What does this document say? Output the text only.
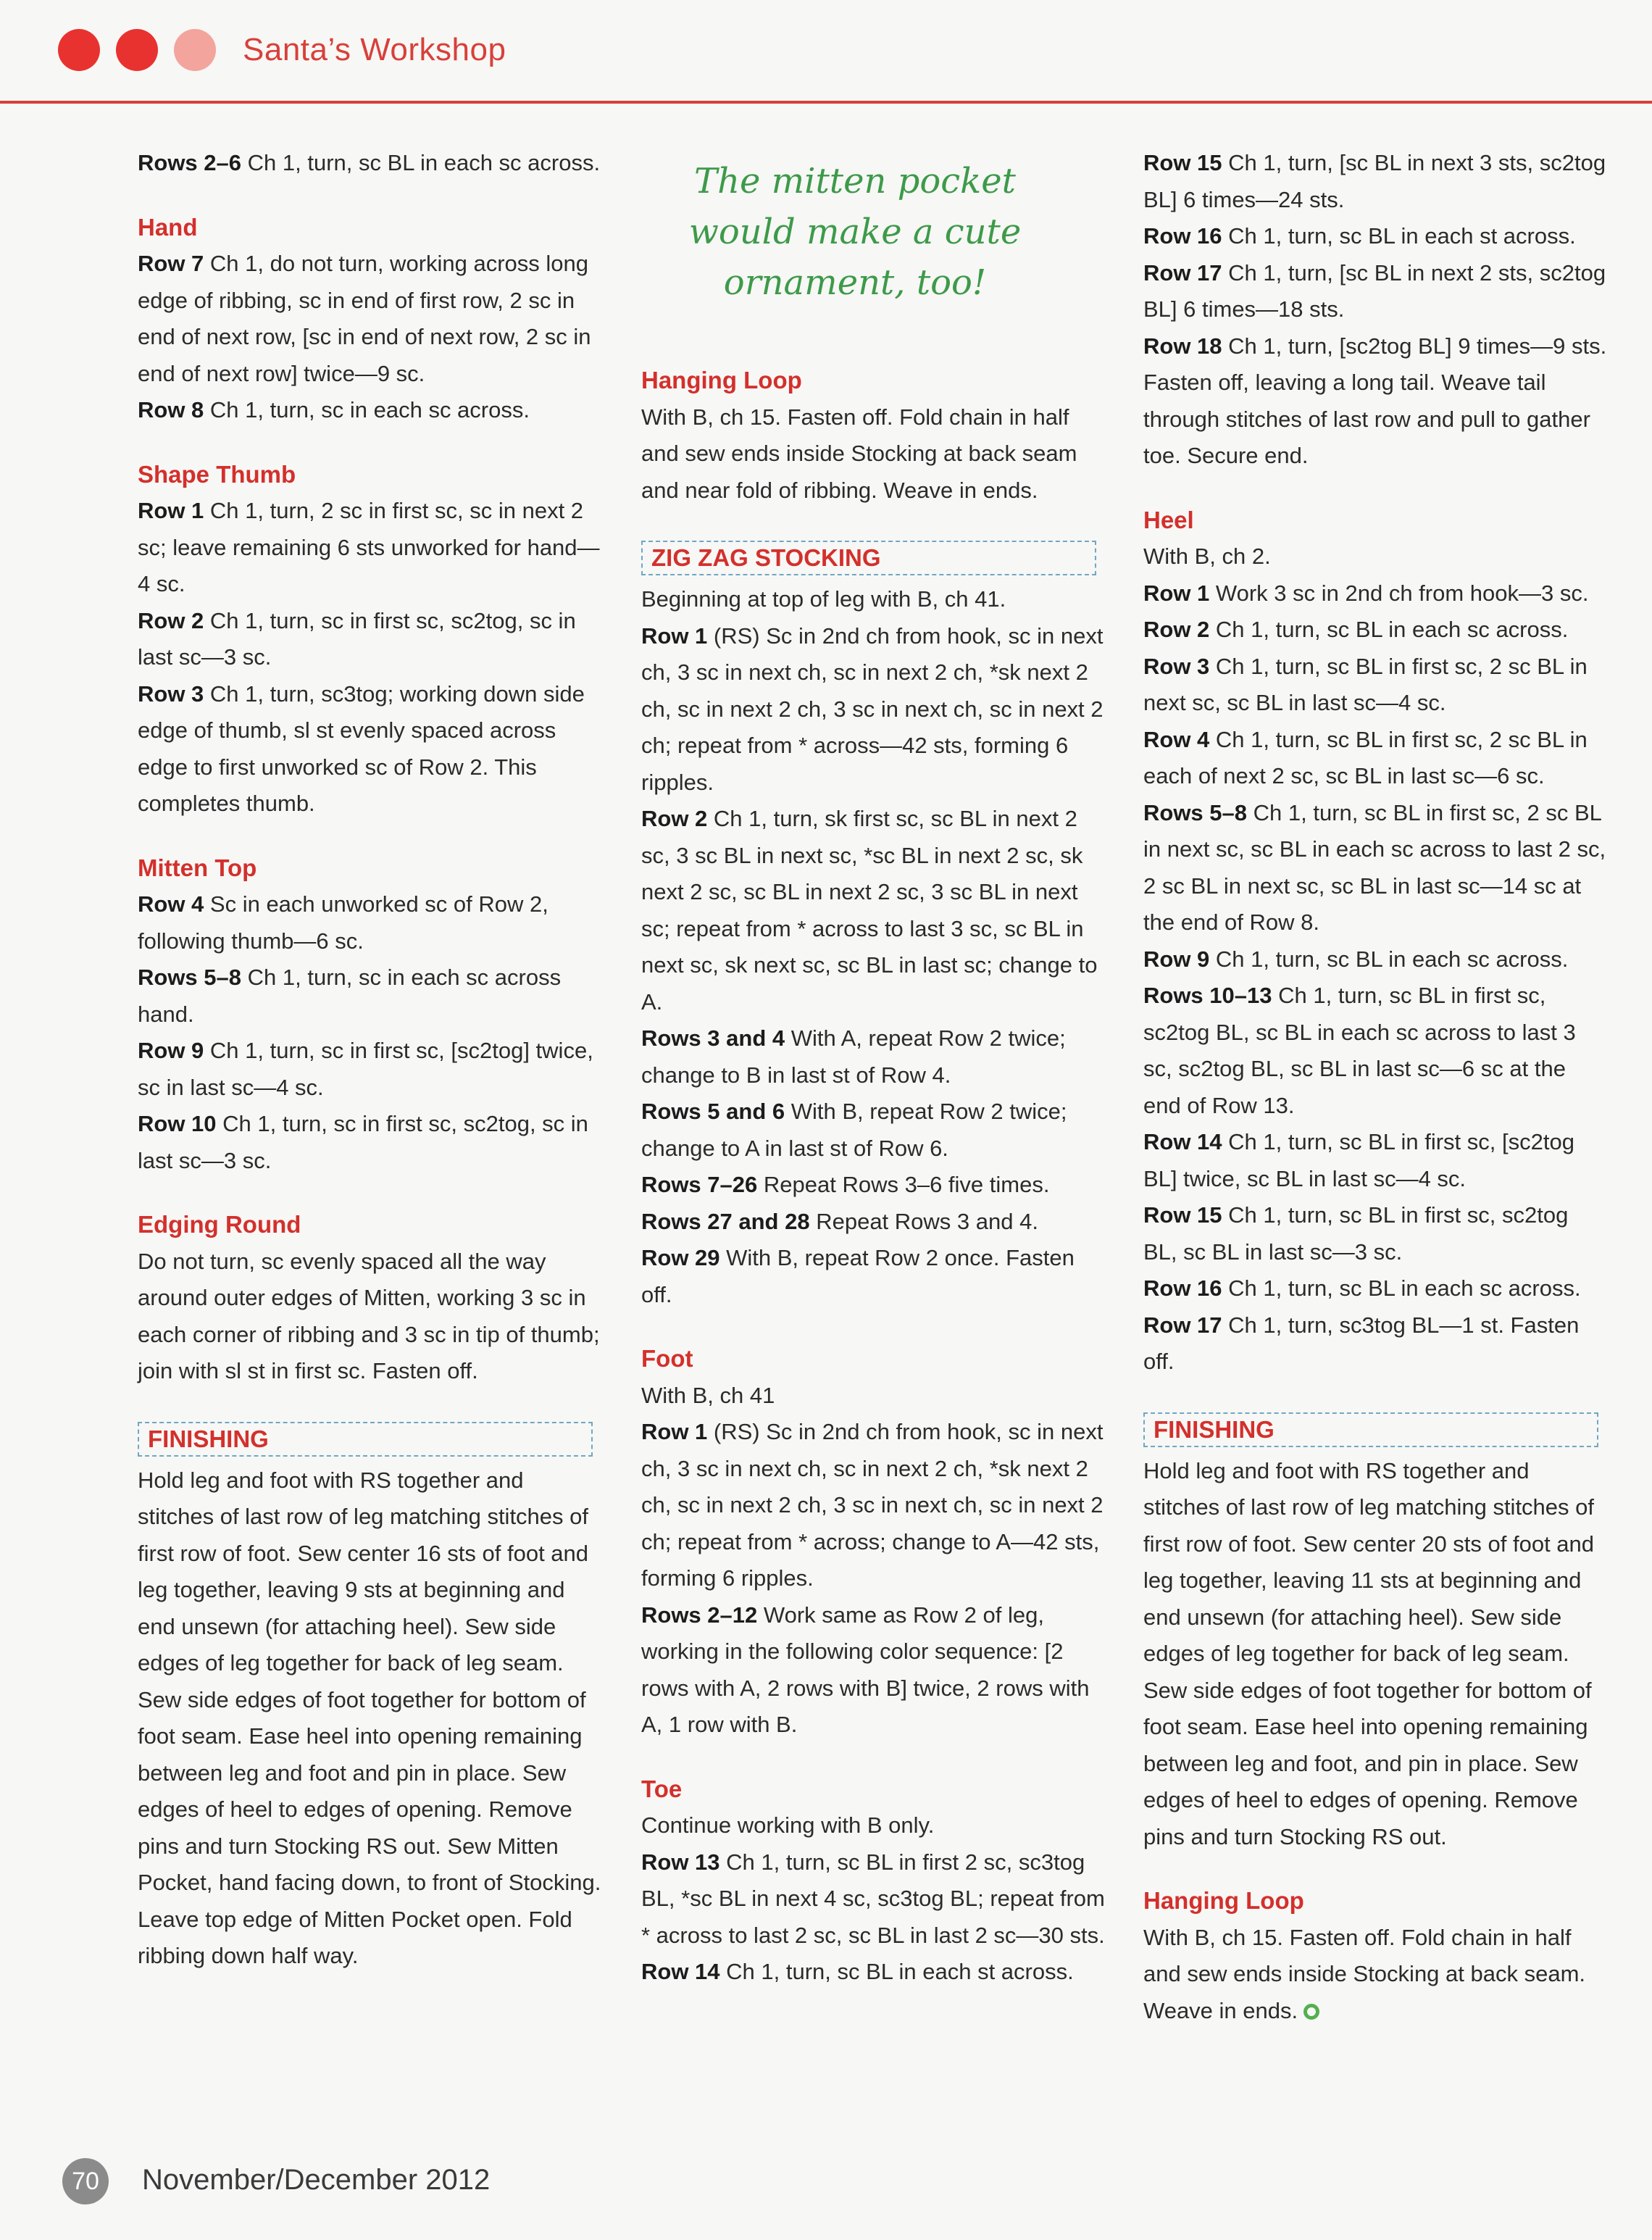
Santa’s Workshop
The mitten pocket
would make a cute
ornament, too!

Rows 2–6 Ch 1, turn, sc BL in each sc across.

Hand

Row 7 Ch 1, do not turn, working across long edge of ribbing, sc in end of first row, 2 sc in end of next row, [sc in end of next row, 2 sc in end of next row] twice—9 sc.

Row 8 Ch 1, turn, sc in each sc across.

Shape Thumb

Row 1 Ch 1, turn, 2 sc in first sc, sc in next 2 sc; leave remaining 6 sts unworked for hand—4 sc.

Row 2 Ch 1, turn, sc in first sc, sc2tog, sc in last sc—3 sc.

Row 3 Ch 1, turn, sc3tog; working down side edge of thumb, sl st evenly spaced across edge to first unworked sc of Row 2. This completes thumb.

Mitten Top

Row 4 Sc in each unworked sc of Row 2, following thumb—6 sc.

Rows 5–8 Ch 1, turn, sc in each sc across hand.

Row 9 Ch 1, turn, sc in first sc, [sc2tog] twice, sc in last sc—4 sc.

Row 10 Ch 1, turn, sc in first sc, sc2tog, sc in last sc—3 sc.

Edging Round

Do not turn, sc evenly spaced all the way around outer edges of Mitten, working 3 sc in each corner of ribbing and 3 sc in tip of thumb; join with sl st in first sc. Fasten off.

FINISHING

Hold leg and foot with RS together and stitches of last row of leg matching stitches of first row of foot. Sew center 16 sts of foot and leg together, leaving 9 sts at beginning and end unsewn (for attaching heel). Sew side edges of leg together for back of leg seam. Sew side edges of foot together for bottom of foot seam. Ease heel into opening remaining between leg and foot and pin in place. Sew edges of heel to edges of opening. Remove pins and turn Stocking RS out. Sew Mitten Pocket, hand facing down, to front of Stocking. Leave top edge of Mitten Pocket open. Fold ribbing down half way.

Hanging Loop

With B, ch 15. Fasten off. Fold chain in half and sew ends inside Stocking at back seam and near fold of ribbing. Weave in ends.

ZIG ZAG STOCKING

Beginning at top of leg with B, ch 41.

Row 1 (RS) Sc in 2nd ch from hook, sc in next ch, 3 sc in next ch, sc in next 2 ch, *sk next 2 ch, sc in next 2 ch, 3 sc in next ch, sc in next 2 ch; repeat from * across—42 sts, forming 6 ripples.

Row 2 Ch 1, turn, sk first sc, sc BL in next 2 sc, 3 sc BL in next sc, *sc BL in next 2 sc, sk next 2 sc, sc BL in next 2 sc, 3 sc BL in next sc; repeat from * across to last 3 sc, sc BL in next sc, sk next sc, sc BL in last sc; change to A.

Rows 3 and 4 With A, repeat Row 2 twice; change to B in last st of Row 4.

Rows 5 and 6 With B, repeat Row 2 twice; change to A in last st of Row 6.

Rows 7–26 Repeat Rows 3–6 five times.

Rows 27 and 28 Repeat Rows 3 and 4.

Row 29 With B, repeat Row 2 once. Fasten off.

Foot

With B, ch 41

Row 1 (RS) Sc in 2nd ch from hook, sc in next ch, 3 sc in next ch, sc in next 2 ch, *sk next 2 ch, sc in next 2 ch, 3 sc in next ch, sc in next 2 ch; repeat from * across; change to A—42 sts, forming 6 ripples.

Rows 2–12 Work same as Row 2 of leg, working in the following color sequence: [2 rows with A, 2 rows with B] twice, 2 rows with A, 1 row with B.

Toe

Continue working with B only.

Row 13 Ch 1, turn, sc BL in first 2 sc, sc3tog BL, *sc BL in next 4 sc, sc3tog BL; repeat from * across to last 2 sc, sc BL in last 2 sc—30 sts.

Row 14 Ch 1, turn, sc BL in each st across.

Row 15 Ch 1, turn, [sc BL in next 3 sts, sc2tog BL] 6 times—24 sts.

Row 16 Ch 1, turn, sc BL in each st across.

Row 17 Ch 1, turn, [sc BL in next 2 sts, sc2tog BL] 6 times—18 sts.

Row 18 Ch 1, turn, [sc2tog BL] 9 times—9 sts.

Fasten off, leaving a long tail. Weave tail through stitches of last row and pull to gather toe. Secure end.

Heel

With B, ch 2.

Row 1 Work 3 sc in 2nd ch from hook—3 sc.

Row 2 Ch 1, turn, sc BL in each sc across.

Row 3 Ch 1, turn, sc BL in first sc, 2 sc BL in next sc, sc BL in last sc—4 sc.

Row 4 Ch 1, turn, sc BL in first sc, 2 sc BL in each of next 2 sc, sc BL in last sc—6 sc.

Rows 5–8 Ch 1, turn, sc BL in first sc, 2 sc BL in next sc, sc BL in each sc across to last 2 sc, 2 sc BL in next sc, sc BL in last sc—14 sc at the end of Row 8.

Row 9 Ch 1, turn, sc BL in each sc across.

Rows 10–13 Ch 1, turn, sc BL in first sc, sc2tog BL, sc BL in each sc across to last 3 sc, sc2tog BL, sc BL in last sc—6 sc at the end of Row 13.

Row 14 Ch 1, turn, sc BL in first sc, [sc2tog BL] twice, sc BL in last sc—4 sc.

Row 15 Ch 1, turn, sc BL in first sc, sc2tog BL, sc BL in last sc—3 sc.

Row 16 Ch 1, turn, sc BL in each sc across.

Row 17 Ch 1, turn, sc3tog BL—1 st. Fasten off.

FINISHING

Hold leg and foot with RS together and stitches of last row of leg matching stitches of first row of foot. Sew center 20 sts of foot and leg together, leaving 11 sts at beginning and end unsewn (for attaching heel). Sew side edges of leg together for back of leg seam. Sew side edges of foot together for bottom of foot seam. Ease heel into opening remaining between leg and foot, and pin in place. Sew edges of heel to edges of opening. Remove pins and turn Stocking RS out.

Hanging Loop

With B, ch 15. Fasten off. Fold chain in half and sew ends inside Stocking at back seam. Weave in ends.

70	November/December 2012
